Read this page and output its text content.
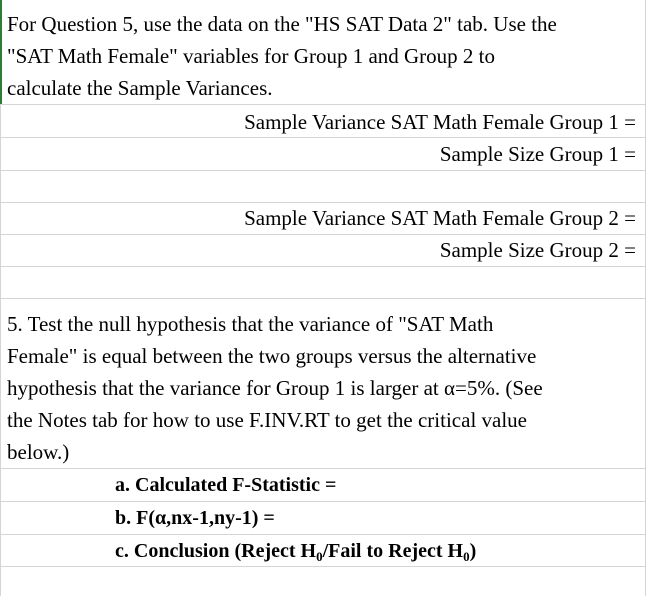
For Question 5, use the data on the "HS SAT Data 2" tab. Use the
"SAT Math Female" variables for Group 1 and Group 2 to
calculate the Sample Variances.
Sample Variance SAT Math Female Group 1 =
Sample Size Group 1 =
Sample Variance SAT Math Female Group 2 =
Sample Size Group 2 =
5. Test the null hypothesis that the variance of "SAT Math
Female" is equal between the two groups versus the alternative
hypothesis that the variance for Group 1 is larger at α=5%. (See
the Notes tab for how to use F.INV.RT to get the critical value
below.)
a. Calculated F-Statistic =
b. F(α,nx-1,ny-1) =
c. Conclusion (Reject $H_0$/Fail to Reject $H_0$)
